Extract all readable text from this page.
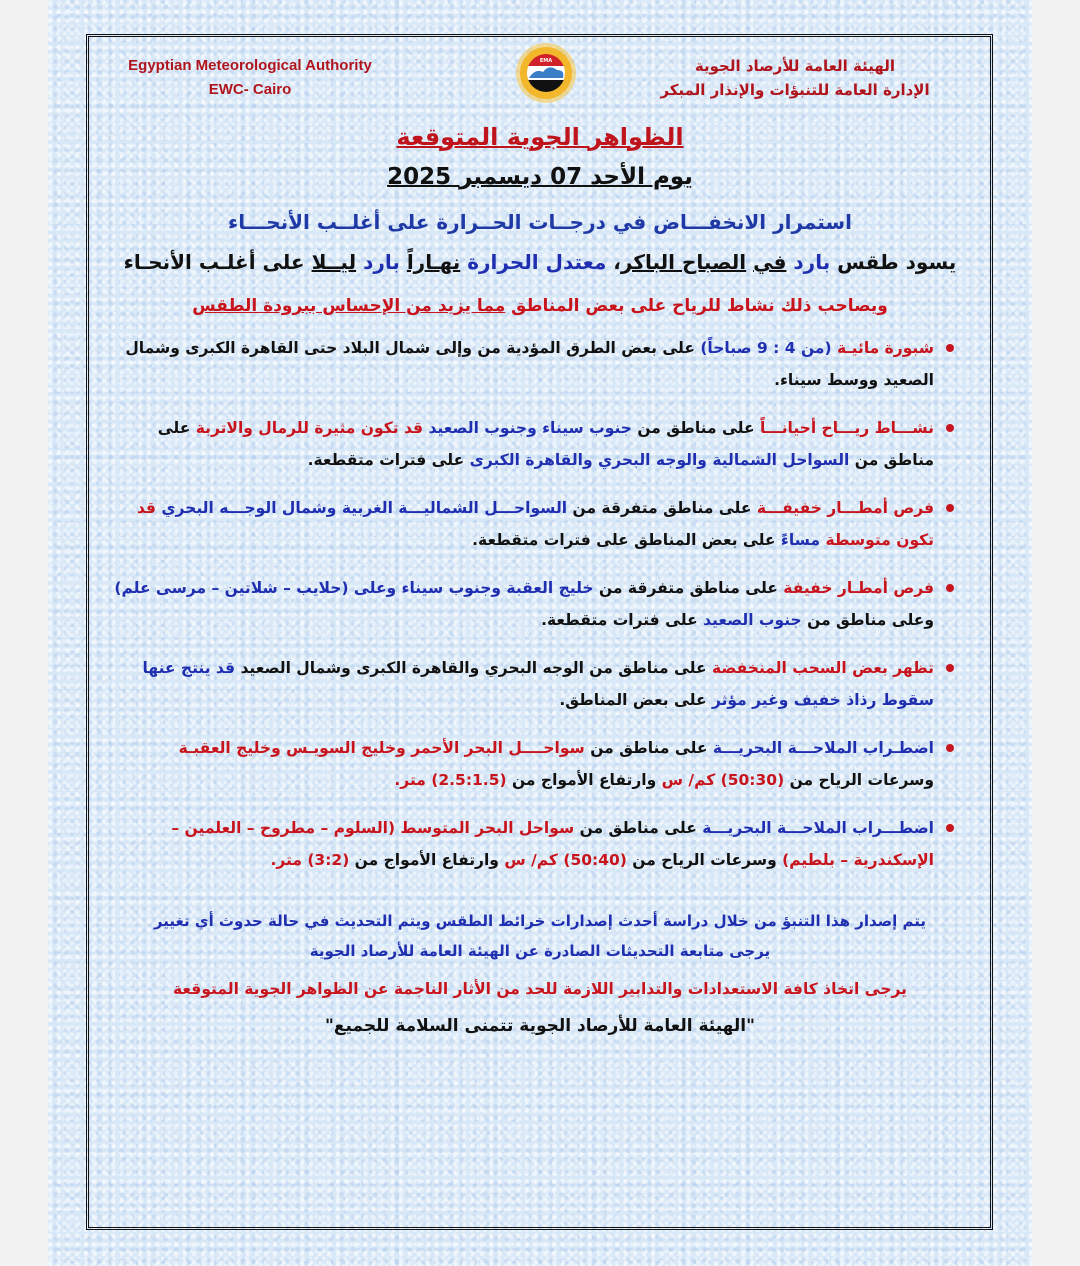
Egyptian Meteorological Authority
EWC- Cairo
EMA	الهيئة العامة للأرصاد الجوية
الإدارة العامة للتنبؤات والإنذار المبكر
الظواهر الجوية المتوقعة
يوم الأحد 07 ديسمبر 2025
استمرار الانخفـــاض في درجــات الحــرارة على أغلــب الأنحـــاء
يسود طقس بارد في الصباح الباكر، معتدل الحرارة نهـاراً بارد ليــلا على أغلـب الأنحـاء
ويصاحب ذلك نشاط للرياح على بعض المناطق مما يزيد من الإحساس ببرودة الطقس
شبورة مائيـة (من 4 : 9 صباحاً) على بعض الطرق المؤدية من وإلى شمال البلاد حتى القاهرة الكبرى وشمال الصعيد ووسط سيناء.
نشـــاط ريـــاح أحيانـــاً على مناطق من جنوب سيناء وجنوب الصعيد قد تكون مثيرة للرمال والاتربة على مناطق من السواحل الشمالية والوجه البحري والقاهرة الكبرى على فترات متقطعة.
فرص أمطـــار خفيفـــة على مناطق متفرقة من السواحـــل الشماليـــة الغربية وشمال الوجـــه البحري قد تكون متوسطة مساءً على بعض المناطق على فترات متقطعة.
فرص أمطـار خفيفة على مناطق متفرقة من خليج العقبة وجنوب سيناء وعلى (حلايب – شلاتين – مرسى علم) وعلى مناطق من جنوب الصعيد على فترات متقطعة.
تظهر بعض السحب المنخفضة على مناطق من الوجه البحري والقاهرة الكبرى وشمال الصعيد قد ينتج عنها سقوط رذاذ خفيف وغير مؤثر على بعض المناطق.
اضطـراب الملاحـــة البحريـــة على مناطق من سواحــــل البحر الأحمر وخليج السويـس وخليج العقبـة وسرعات الرياح من (50:30) كم/ س وارتفاع الأمواج من (2.5:1.5) متر.
اضطـــراب الملاحـــة البحريـــة على مناطق من سواحل البحر المتوسط (السلوم – مطروح – العلمين – الإسكندرية – بلطيم) وسرعات الرياح من (50:40) كم/ س وارتفاع الأمواج من (3:2) متر.
يتم إصدار هذا التنبؤ من خلال دراسة أحدث إصدارات خرائط الطقس ويتم التحديث في حالة حدوث أي تغيير
يرجى متابعة التحديثات الصادرة عن الهيئة العامة للأرصاد الجوية
يرجى اتخاذ كافة الاستعدادات والتدابير اللازمة للحد من الأثار الناجمة عن الظواهر الجوية المتوقعة
"الهيئة العامة للأرصاد الجوية تتمنى السلامة للجميع"
